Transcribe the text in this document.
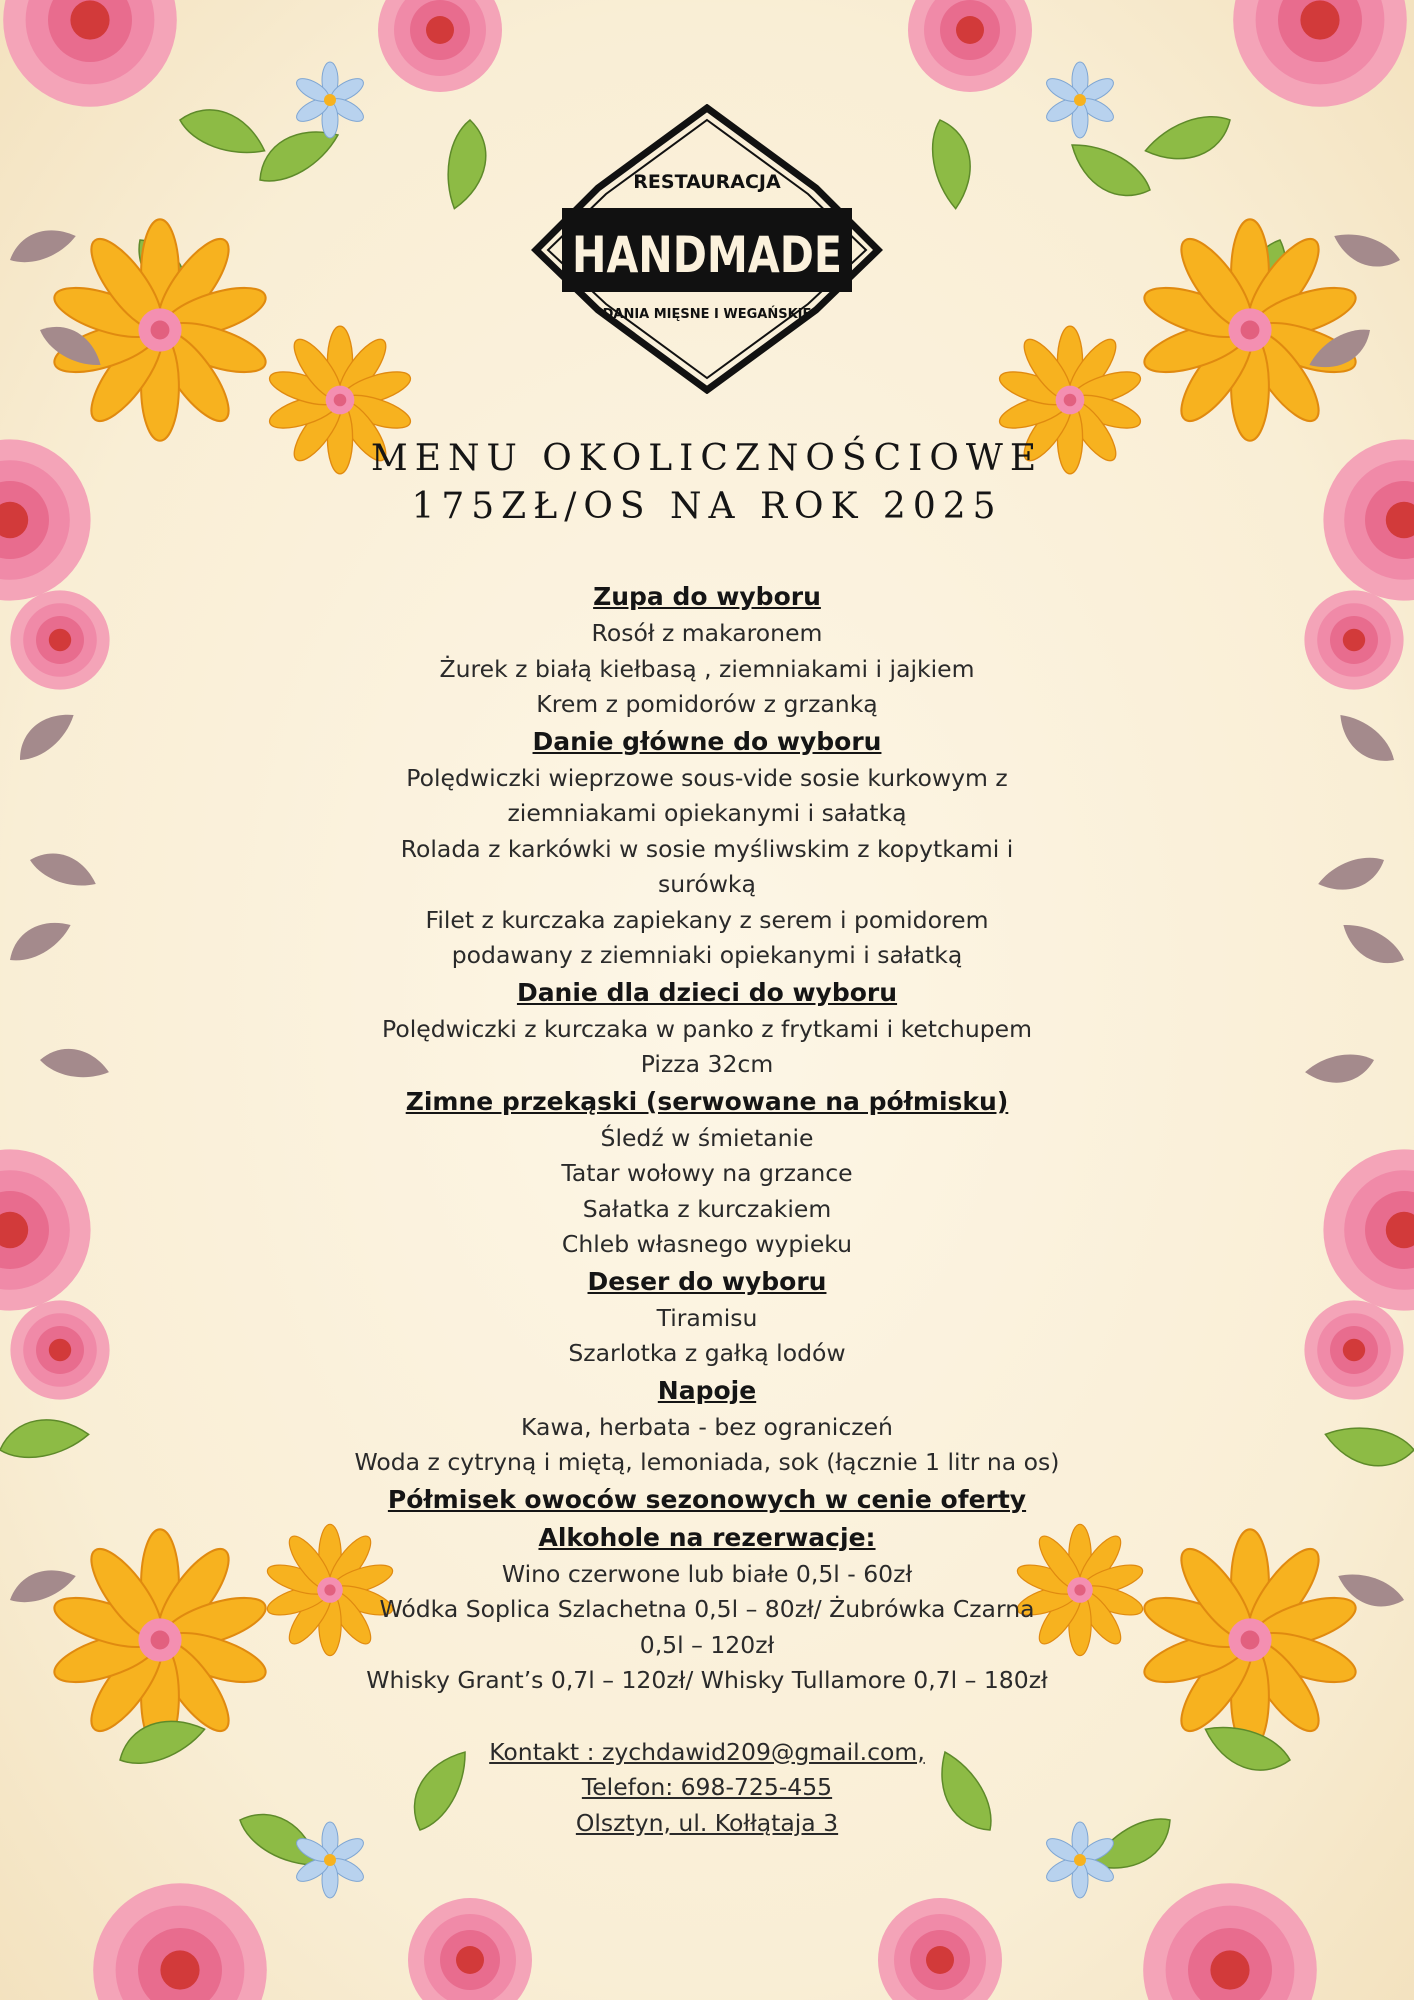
RESTAURACJA
HANDMADE
DANIA MIĘSNE I WEGAŃSKIE
MENU OKOLICZNOŚCIOWE
175ZŁ/OS NA ROK 2025
Zupa do wyboru
Rosół z makaronem
Żurek z białą kiełbasą , ziemniakami i jajkiem
Krem z pomidorów z grzanką
Danie główne do wyboru
Polędwiczki wieprzowe sous-vide sosie kurkowym z
ziemniakami opiekanymi i sałatką
Rolada z karkówki w sosie myśliwskim z kopytkami i
surówką
Filet z kurczaka zapiekany z serem i pomidorem
podawany z ziemniaki opiekanymi i sałatką
Danie dla dzieci do wyboru
Polędwiczki z kurczaka w panko z frytkami i ketchupem
Pizza 32cm
Zimne przekąski (serwowane na półmisku)
Śledź w śmietanie
Tatar wołowy na grzance
Sałatka z kurczakiem
Chleb własnego wypieku
Deser do wyboru
Tiramisu
Szarlotka z gałką lodów
Napoje
Kawa, herbata - bez ograniczeń
Woda z cytryną i miętą, lemoniada, sok (łącznie 1 litr na os)
Półmisek owoców sezonowych w cenie oferty
Alkohole na rezerwacje:
Wino czerwone lub białe 0,5l - 60zł
Wódka Soplica Szlachetna 0,5l – 80zł/ Żubrówka Czarna
0,5l – 120zł
Whisky Grant’s 0,7l – 120zł/ Whisky Tullamore 0,7l – 180zł
Kontakt : zychdawid209@gmail.com,
Telefon: 698-725-455
Olsztyn, ul. Kołłątaja 3
